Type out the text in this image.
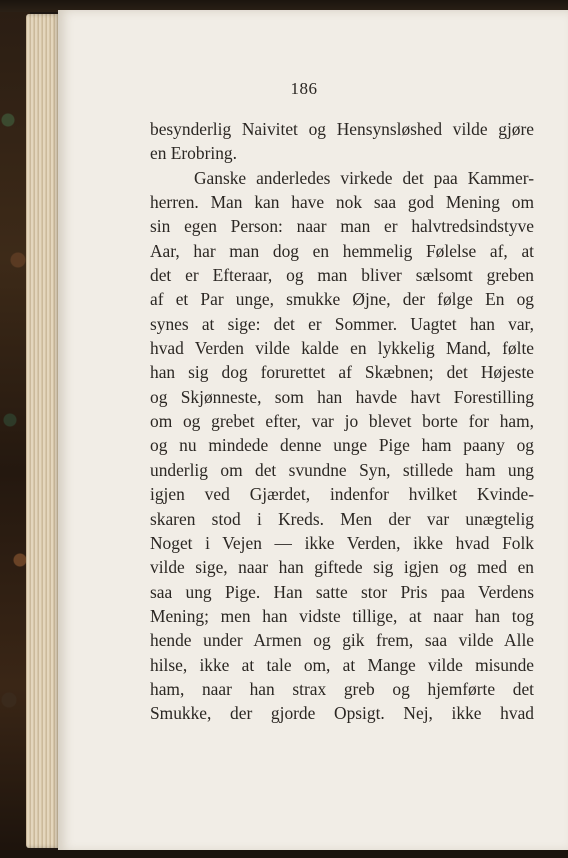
186
besynderlig Naivitet og Hensynsløshed vilde gjøre
en Erobring.
Ganske anderledes virkede det paa Kammer-
herren. Man kan have nok saa god Mening om
sin egen Person: naar man er halvtredsindstyve
Aar, har man dog en hemmelig Følelse af, at
det er Efteraar, og man bliver sælsomt greben
af et Par unge, smukke Øjne, der følge En og
synes at sige: det er Sommer. Uagtet han var,
hvad Verden vilde kalde en lykkelig Mand, følte
han sig dog forurettet af Skæbnen; det Højeste
og Skjønneste, som han havde havt Forestilling
om og grebet efter, var jo blevet borte for ham,
og nu mindede denne unge Pige ham paany og
underlig om det svundne Syn, stillede ham ung
igjen ved Gjærdet, indenfor hvilket Kvinde-
skaren stod i Kreds. Men der var unægtelig
Noget i Vejen — ikke Verden, ikke hvad Folk
vilde sige, naar han giftede sig igjen og med en
saa ung Pige. Han satte stor Pris paa Verdens
Mening; men han vidste tillige, at naar han tog
hende under Armen og gik frem, saa vilde Alle
hilse, ikke at tale om, at Mange vilde misunde
ham, naar han strax greb og hjemførte det
Smukke, der gjorde Opsigt. Nej, ikke hvad
